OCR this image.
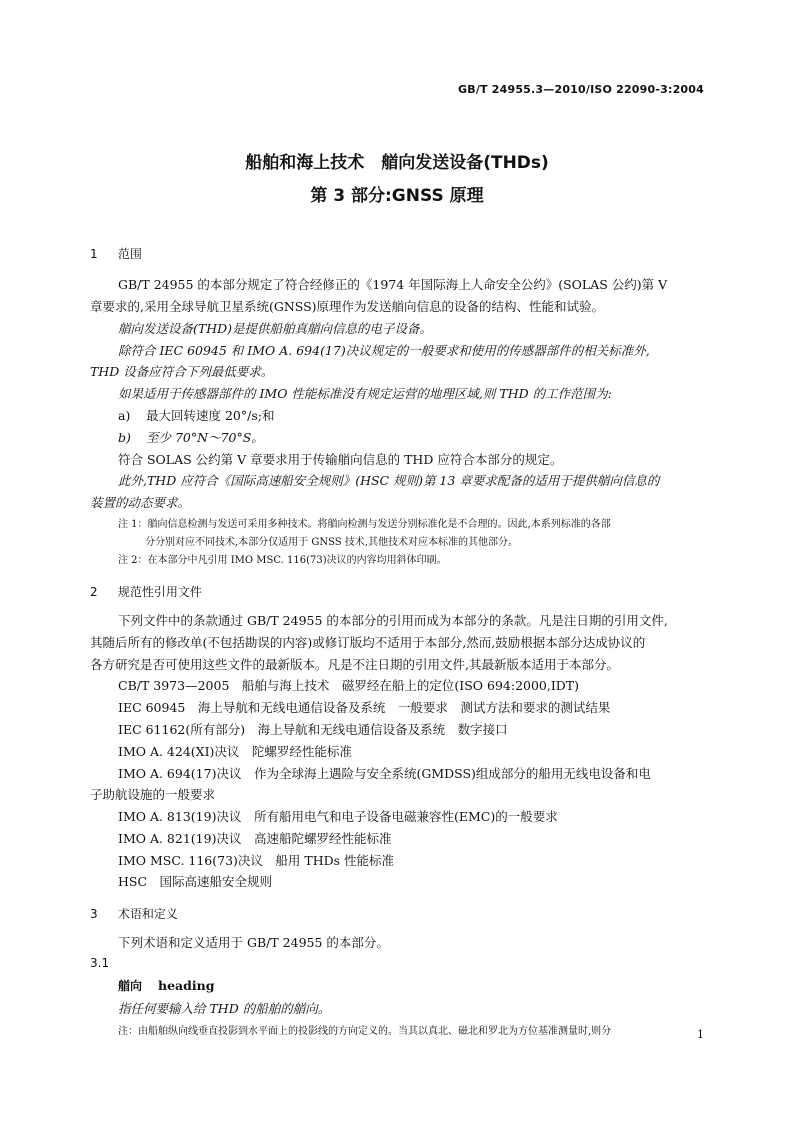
GB/T 24955.3—2010/ISO 22090-3:2004
船舶和海上技术　艏向发送设备(THDs)
第 3 部分:GNSS 原理
1 范围
GB/T 24955 的本部分规定了符合经修正的《1974 年国际海上人命安全公约》(SOLAS 公约)第 V
章要求的,采用全球导航卫星系统(GNSS)原理作为发送艏向信息的设备的结构、性能和试验。
艏向发送设备(THD)是提供船舶真艏向信息的电子设备。
除符合 IEC 60945 和 IMO A. 694(17)决议规定的一般要求和使用的传感器部件的相关标准外,
THD 设备应符合下列最低要求。
如果适用于传感器部件的 IMO 性能标准没有规定运营的地理区域,则 THD 的工作范围为:
a) 最大回转速度 20°/s;和
b) 至少 70°N～70°S。
符合 SOLAS 公约第 V 章要求用于传输艏向信息的 THD 应符合本部分的规定。
此外,THD 应符合《国际高速船安全规则》(HSC 规则)第 13 章要求配备的适用于提供艏向信息的
装置的动态要求。
注 1：艏向信息检测与发送可采用多种技术。将艏向检测与发送分别标准化是不合理的。因此,本系列标准的各部
分分别对应不同技术,本部分仅适用于 GNSS 技术,其他技术对应本标准的其他部分。
注 2：在本部分中凡引用 IMO MSC. 116(73)决议的内容均用斜体印刷。
2 规范性引用文件
下列文件中的条款通过 GB/T 24955 的本部分的引用而成为本部分的条款。凡是注日期的引用文件,
其随后所有的修改单(不包括勘误的内容)或修订版均不适用于本部分,然而,鼓励根据本部分达成协议的
各方研究是否可使用这些文件的最新版本。凡是不注日期的引用文件,其最新版本适用于本部分。
CB/T 3973—2005　船舶与海上技术　磁罗经在船上的定位(ISO 694:2000,IDT)
IEC 60945　海上导航和无线电通信设备及系统　一般要求　测试方法和要求的测试结果
IEC 61162(所有部分)　海上导航和无线电通信设备及系统　数字接口
IMO A. 424(XI)决议　陀螺罗经性能标准
IMO A. 694(17)决议　作为全球海上遇险与安全系统(GMDSS)组成部分的船用无线电设备和电
子助航设施的一般要求
IMO A. 813(19)决议　所有船用电气和电子设备电磁兼容性(EMC)的一般要求
IMO A. 821(19)决议　高速船陀螺罗经性能标准
IMO MSC. 116(73)决议　船用 THDs 性能标准
HSC　国际高速船安全规则
3 术语和定义
下列术语和定义适用于 GB/T 24955 的本部分。
3.1
艏向 heading
指任何要输入给 THD 的船舶的艏向。
注：由船舶纵向线垂直投影到水平面上的投影线的方向定义的。当其以真北、磁北和罗北为方位基准测量时,则分	1
